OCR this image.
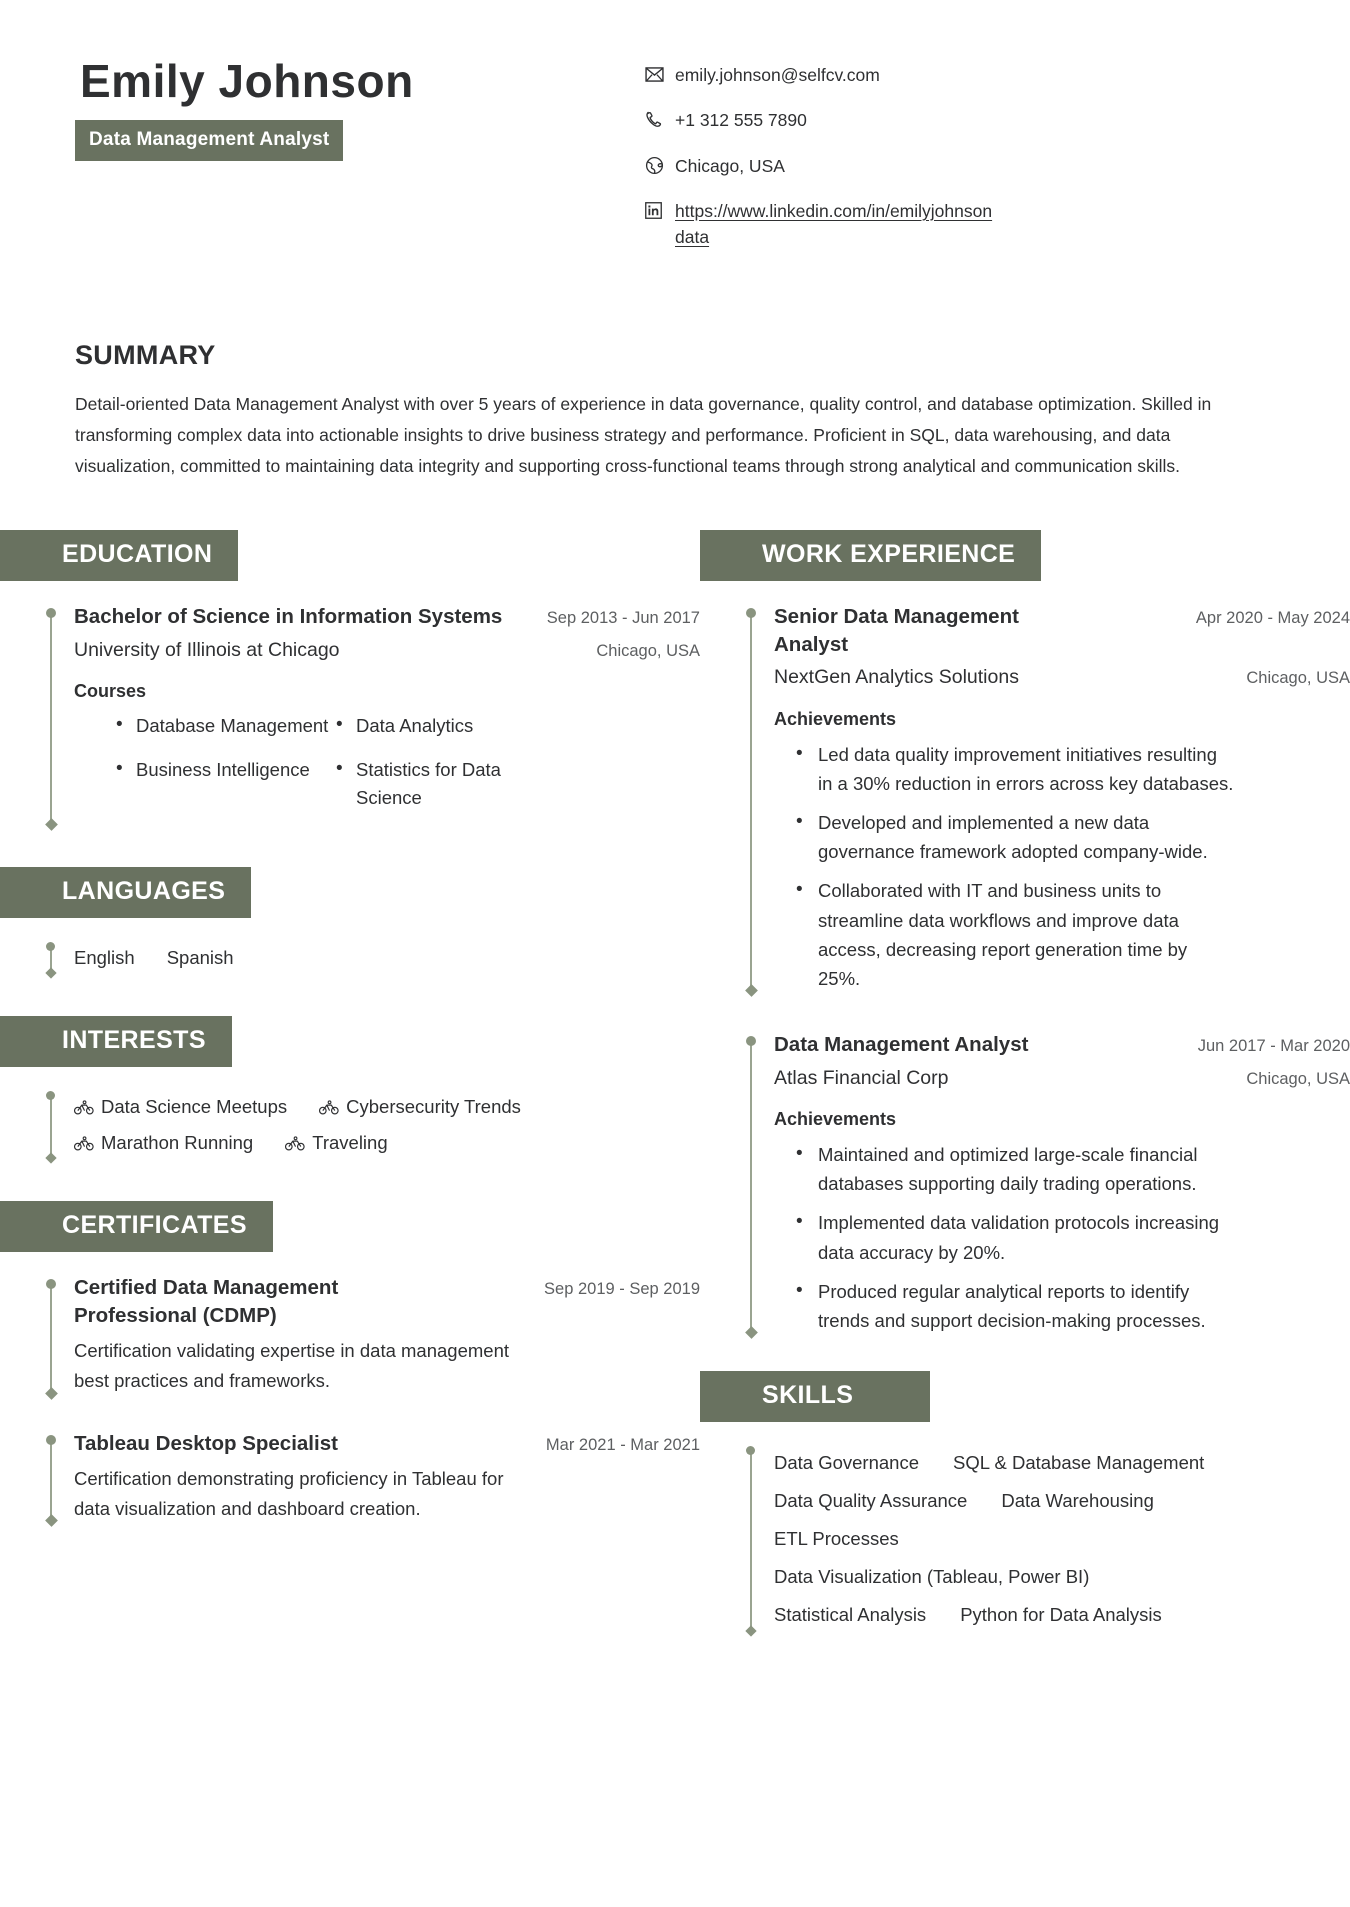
Emily Johnson
Data Management Analyst
emily.johnson@selfcv.com
+1 312 555 7890
Chicago, USA
https://www.linkedin.com/in/emilyjohnson data
SUMMARY
Detail-oriented Data Management Analyst with over 5 years of experience in data governance, quality control, and database optimization. Skilled in transforming complex data into actionable insights to drive business strategy and performance. Proficient in SQL, data warehousing, and data visualization, committed to maintaining data integrity and supporting cross-functional teams through strong analytical and communication skills.
EDUCATION
Bachelor of Science in Information Systems	Sep 2013 - Jun 2017
University of Illinois at Chicago	Chicago, USA
Courses
• Database Management	• Data Analytics
• Business Intelligence	• Statistics for Data Science
LANGUAGES
English Spanish
INTERESTS
Data Science Meetups	Cybersecurity Trends
Marathon Running	Traveling
CERTIFICATES
Certified Data Management Professional (CDMP)
Sep 2019 - Sep 2019
Certification validating expertise in data management best practices and frameworks.
Tableau Desktop Specialist	Mar 2021 - Mar 2021
Certification demonstrating proficiency in Tableau for data visualization and dashboard creation.
WORK EXPERIENCE
Senior Data Management Analyst
Apr 2020 - May 2024
NextGen Analytics Solutions	Chicago, USA
Achievements
• Led data quality improvement initiatives resulting in a 30% reduction in errors across key databases.
• Developed and implemented a new data governance framework adopted company-wide.
• Collaborated with IT and business units to streamline data workflows and improve data access, decreasing report generation time by 25%.
Data Management Analyst	Jun 2017 - Mar 2020
Atlas Financial Corp	Chicago, USA
Achievements
• Maintained and optimized large-scale financial databases supporting daily trading operations.
• Implemented data validation protocols increasing data accuracy by 20%.
• Produced regular analytical reports to identify trends and support decision-making processes.
SKILLS
Data Governance SQL & Database Management
Data Quality Assurance Data Warehousing
ETL Processes
Data Visualization (Tableau, Power BI)
Statistical Analysis Python for Data Analysis
